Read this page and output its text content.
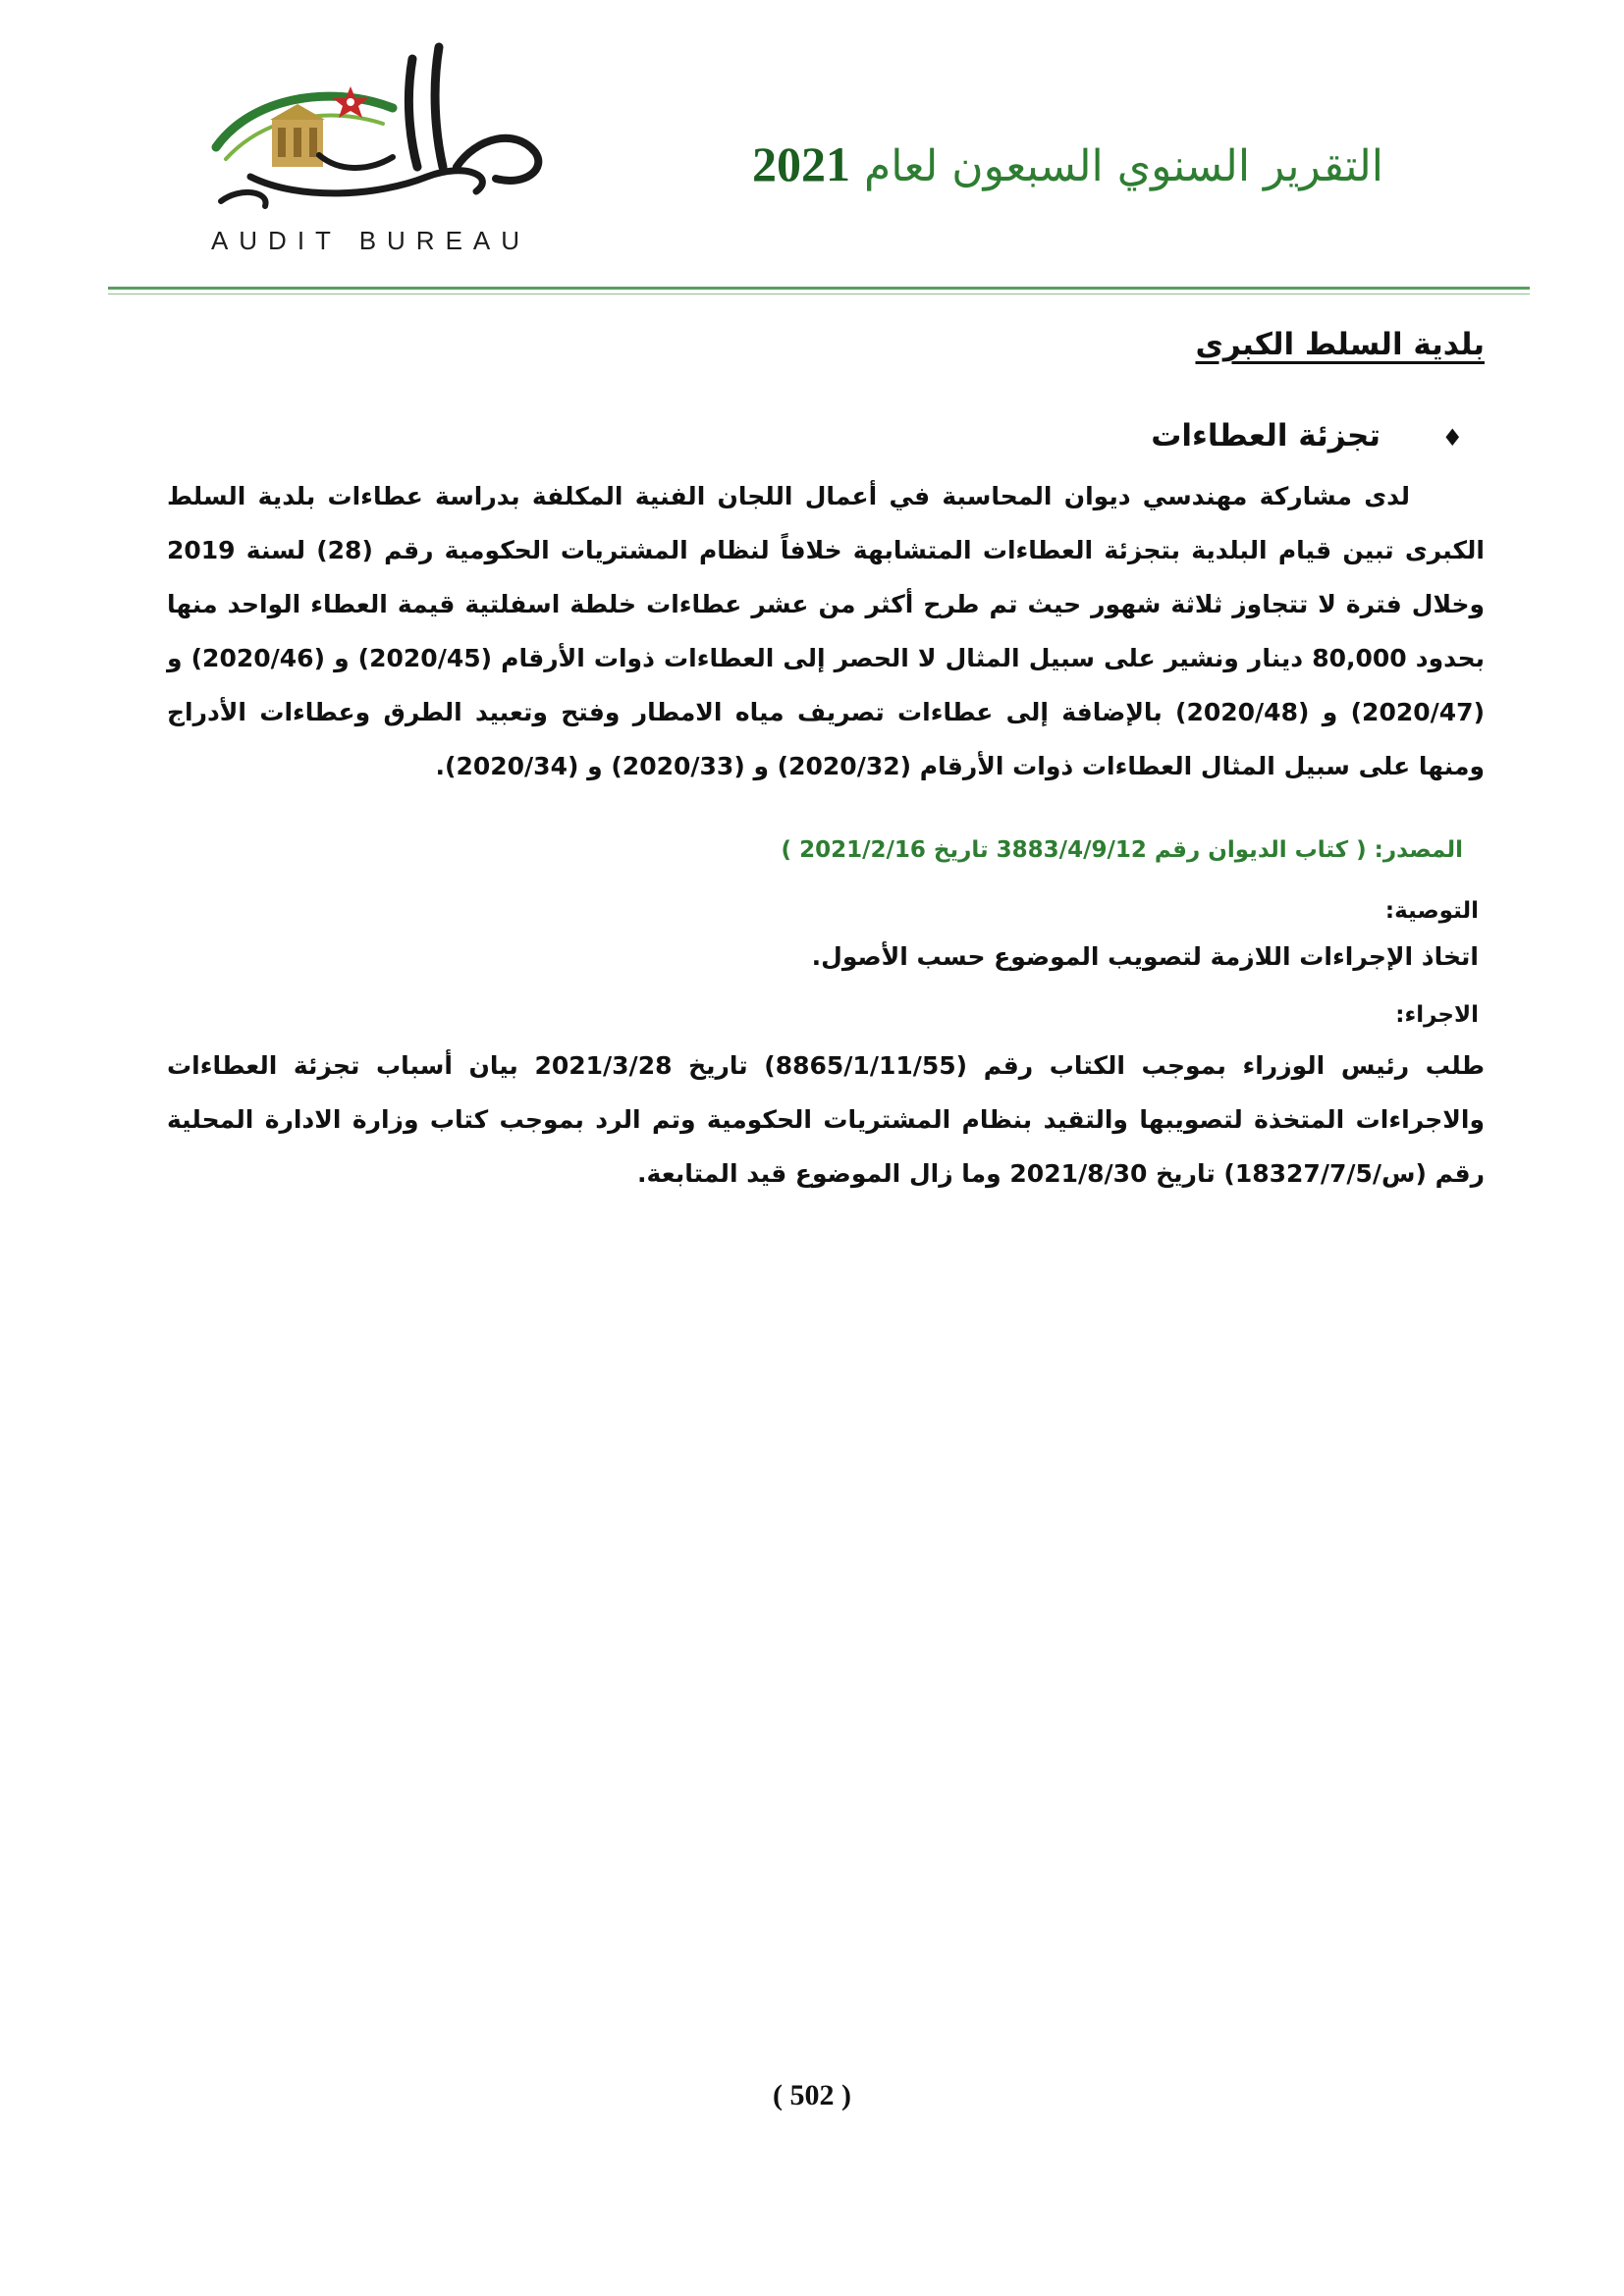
AUDIT BUREAU
التقرير السنوي السبعون لعام 2021
بلدية السلط الكبرى
♦تجزئة العطاءات
لدى مشاركة مهندسي ديوان المحاسبة في أعمال اللجان الفنية المكلفة بدراسة عطاءات بلدية السلط الكبرى تبين قيام البلدية بتجزئة العطاءات المتشابهة خلافاً لنظام المشتريات الحكومية رقم (28) لسنة 2019 وخلال فترة لا تتجاوز ثلاثة شهور حيث تم طرح أكثر من عشر عطاءات خلطة اسفلتية قيمة العطاء الواحد منها بحدود 80,000 دينار ونشير على سبيل المثال لا الحصر إلى العطاءات ذوات الأرقام (2020/45) و (2020/46) و (2020/47) و (2020/48) بالإضافة إلى عطاءات تصريف مياه الامطار وفتح وتعبيد الطرق وعطاءات الأدراج ومنها على سبيل المثال العطاءات ذوات الأرقام (2020/32) و (2020/33) و (2020/34).
المصدر: ( كتاب الديوان رقم 3883/4/9/12 تاريخ 2021/2/16 )
التوصية:
اتخاذ الإجراءات اللازمة لتصويب الموضوع حسب الأصول.
الاجراء:
طلب رئيس الوزراء بموجب الكتاب رقم (8865/1/11/55) تاريخ 2021/3/28 بيان أسباب تجزئة العطاءات والاجراءات المتخذة لتصويبها والتقيد بنظام المشتريات الحكومية وتم الرد بموجب كتاب وزارة الادارة المحلية رقم (س/18327/7/5) تاريخ 2021/8/30 وما زال الموضوع قيد المتابعة.
( 502 )
